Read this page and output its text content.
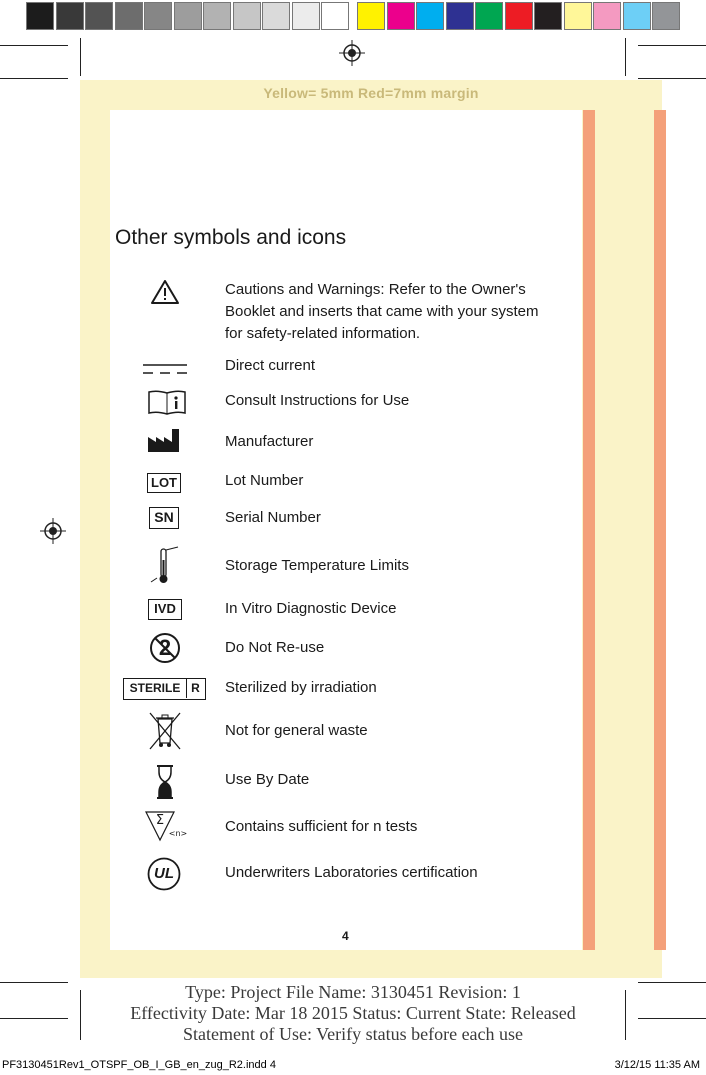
Yellow= 5mm Red=7mm margin
Other symbols and icons
LOT
SN
IVD
2
STERILE R
Σ
<n>
UL
Cautions and Warnings: Refer to the Owner's Booklet and inserts that came with your system for safety-related information.
Direct current
Consult Instructions for Use
Manufacturer
Lot Number
Serial Number
Storage Temperature Limits
In Vitro Diagnostic Device
Do Not Re-use
Sterilized by irradiation
Not for general waste
Use By Date
Contains sufficient for n tests
Underwriters Laboratories certification
4
Type: Project File Name: 3130451 Revision: 1
Effectivity Date: Mar 18 2015 Status: Current State: Released
Statement of Use: Verify status before each use
PF3130451Rev1_OTSPF_OB_I_GB_en_zug_R2.indd 4	3/12/15 11:35 AM
